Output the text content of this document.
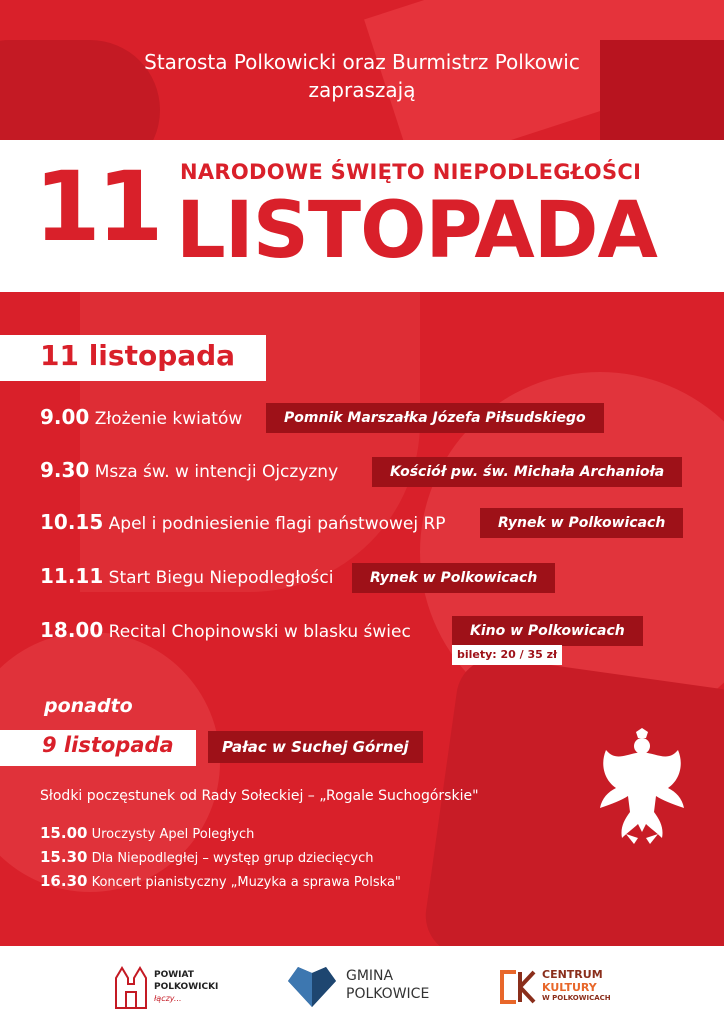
Starosta Polkowicki oraz Burmistrz Polkowic
zapraszają
11 NARODOWE ŚWIĘTO NIEPODLEGŁOŚCI
LISTOPADA
11 listopada
9.00 Złożenie kwiatów	Pomnik Marszałka Józefa Piłsudskiego
9.30 Msza św. w intencji Ojczyzny	Kościół pw. św. Michała Archanioła
10.15 Apel i podniesienie flagi państwowej RP	Rynek w Polkowicach
11.11 Start Biegu Niepodległości	Rynek w Polkowicach
18.00 Recital Chopinowski w blasku świec	Kino w Polkowicach
bilety: 20 / 35 zł
ponadto
9 listopada	Pałac w Suchej Górnej
Słodki poczęstunek od Rady Sołeckiej – „Rogale Suchogórskie"
15.00 Uroczysty Apel Poległych
15.30 Dla Niepodległej – występ grup dziecięcych
16.30 Koncert pianistyczny „Muzyka a sprawa Polska"
POWIAT
POLKOWICKI
łączy...
GMINA
POLKOWICE
CENTRUM
KULTURY
W POLKOWICACH
